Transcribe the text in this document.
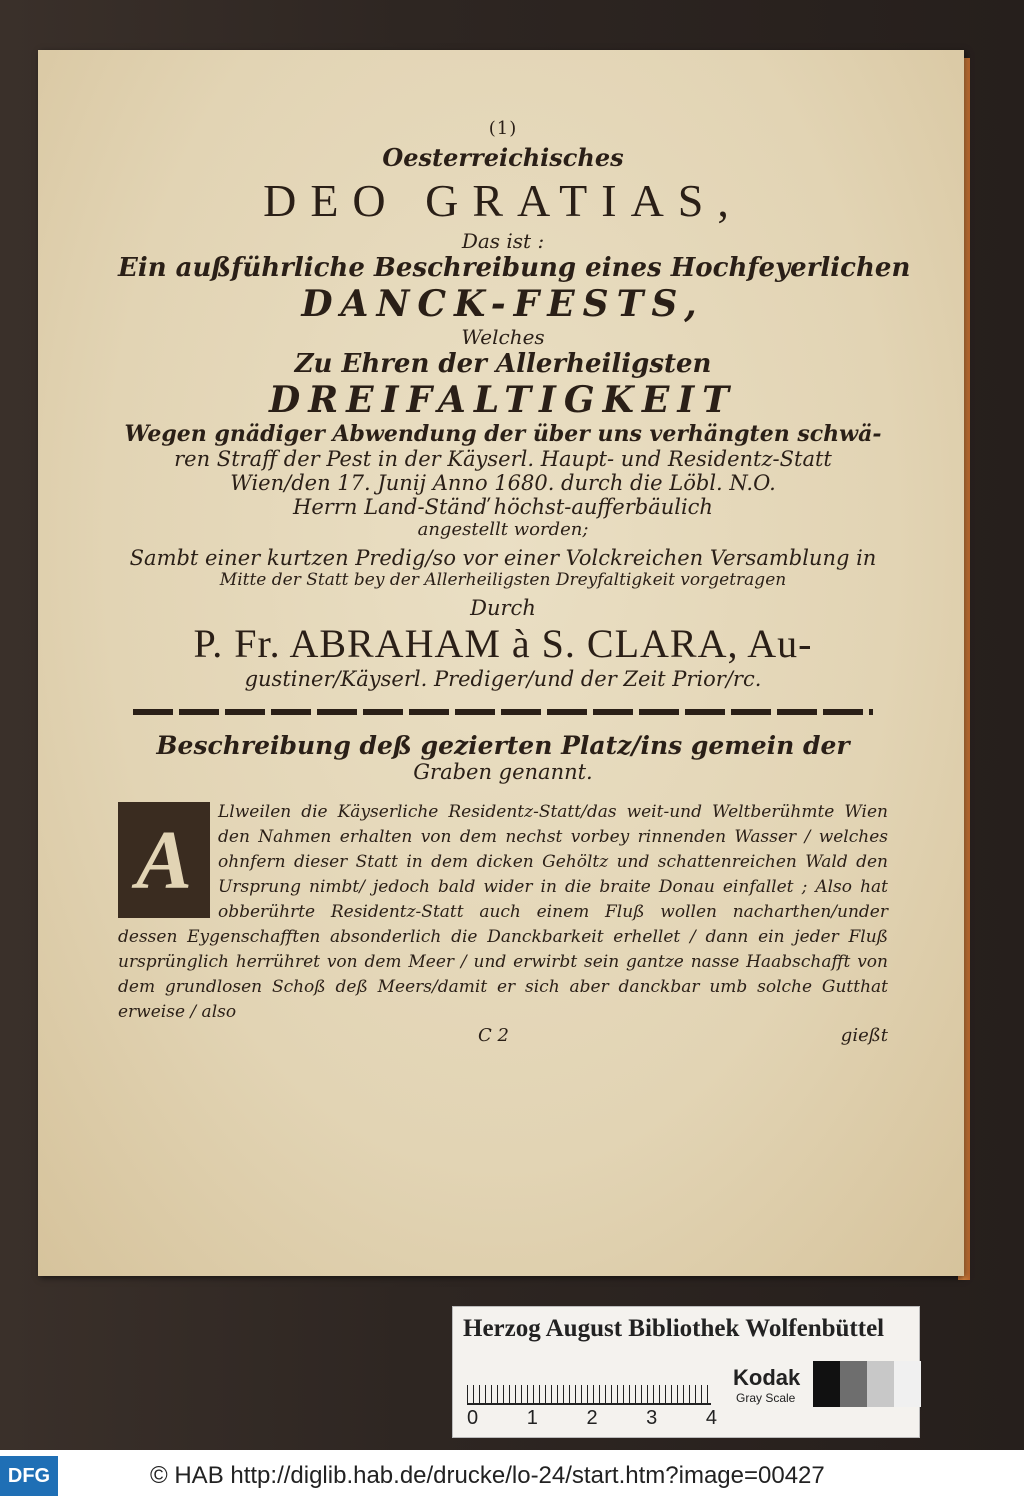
(1)
Oesterreichisches
DEO GRATIAS,
Das ist :
Ein außführliche Beschreibung eines Hochfeyerlichen
DANCK-FESTS,
Welches
Zu Ehren der Allerheiligsten
DREIFALTIGKEIT
Wegen gnädiger Abwendung der über uns verhängten schwä-
ren Straff der Pest in der Käyserl. Haupt- und Residentz-Statt
Wien/den 17. Junij Anno 1680. durch die Löbl. N.O.
Herrn Land-Stänď höchst-aufferbäulich
angestellt worden;
Sambt einer kurtzen Predig/so vor einer Volckreichen Versamblung in
Mitte der Statt bey der Allerheiligsten Dreyfaltigkeit vorgetragen
Durch
P. Fr. ABRAHAM à S. CLARA, Au-
gustiner/Käyserl. Prediger/und der Zeit Prior/rc.
Beschreibung deß gezierten Platz/ins gemein der
Graben genannt.
A
Llweilen die Käyserliche Residentz-Statt/das weit-und Weltberühmte Wien den Nahmen erhalten von dem nechst vorbey rinnenden Wasser / welches ohnfern dieser Statt in dem dicken Gehöltz und schattenreichen Wald den Ursprung nimbt/ jedoch bald wider in die braite Donau einfallet ; Also hat obberührte Residentz-Statt auch einem Fluß wollen nacharthen/under dessen Eygenschafften absonderlich die Danckbarkeit erhellet / dann ein jeder Fluß ursprünglich herrühret von dem Meer / und erwirbt sein gantze nasse Haabschafft von dem grundlosen Schoß deß Meers/damit er sich aber danckbar umb solche Gutthat erweise / also
C 2	gießt
Herzog August Bibliothek Wolfenbüttel
0 1 2 3 4
Kodak
Gray Scale
DFG	© HAB http://diglib.hab.de/drucke/lo-24/start.htm?image=00427
